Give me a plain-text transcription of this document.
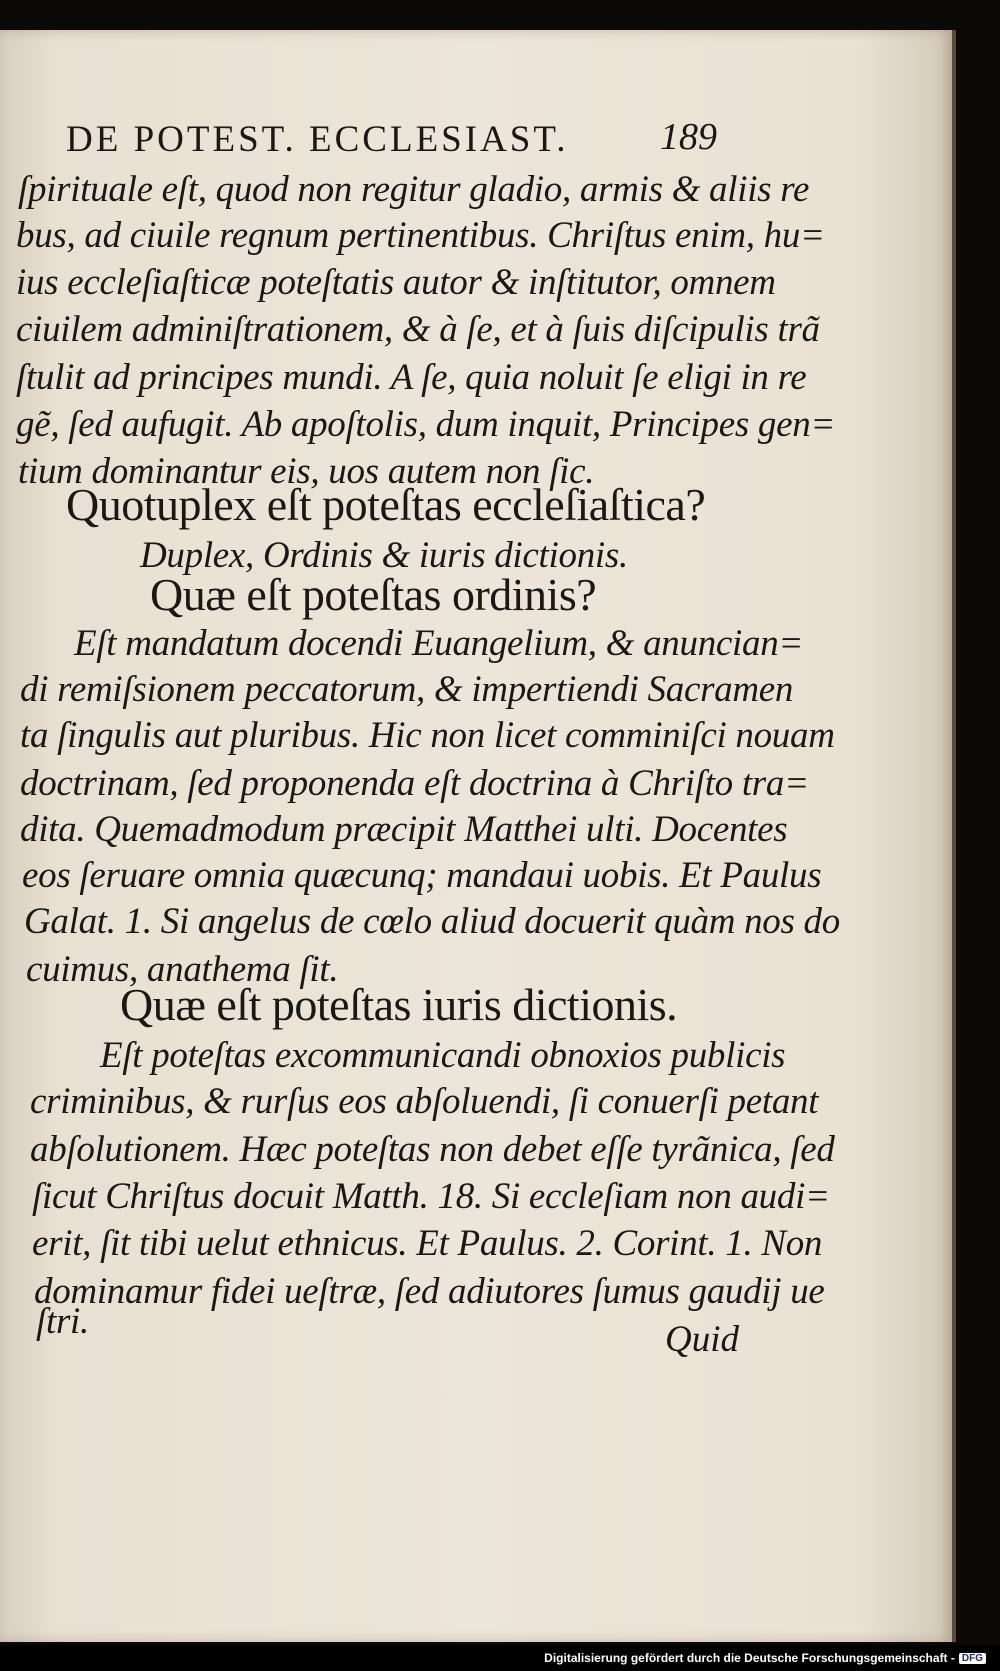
DE POTEST. ECCLESIAST. 189
ſpirituale eſt, quod non regitur gladio, armis & aliis re
bus, ad ciuile regnum pertinentibus. Chriſtus enim, hu=
ius eccleſiaſticæ poteſtatis autor & inſtitutor, omnem
ciuilem adminiſtrationem, & à ſe, et à ſuis diſcipulis trã
ſtulit ad principes mundi. A ſe, quia noluit ſe eligi in re
gẽ, ſed aufugit. Ab apoſtolis, dum inquit, Principes gen=
tium dominantur eis, uos autem non ſic.
Quotuplex eſt poteſtas eccleſiaſtica?
Duplex, Ordinis & iuris dictionis.
Quæ eſt poteſtas ordinis?
Eſt mandatum docendi Euangelium, & anuncian=
di remiſsionem peccatorum, & impertiendi Sacramen
ta ſingulis aut pluribus. Hic non licet comminiſci nouam
doctrinam, ſed proponenda eſt doctrina à Chriſto tra=
dita. Quemadmodum præcipit Matthei ulti. Docentes
eos ſeruare omnia quæcunq; mandaui uobis. Et Paulus
Galat. 1. Si angelus de cœlo aliud docuerit quàm nos do
cuimus, anathema ſit.
Quæ eſt poteſtas iuris dictionis.
Eſt poteſtas excommunicandi obnoxios publicis
criminibus, & rurſus eos abſoluendi, ſi conuerſi petant
abſolutionem. Hæc poteſtas non debet eſſe tyrãnica, ſed
ſicut Chriſtus docuit Matth. 18. Si eccleſiam non audi=
erit, ſit tibi uelut ethnicus. Et Paulus. 2. Corint. 1. Non
dominamur fidei ueſtræ, ſed adiutores ſumus gaudij ue
ſtri.	Quid
Digitalisierung gefördert durch die Deutsche Forschungsgemeinschaft - DFG
